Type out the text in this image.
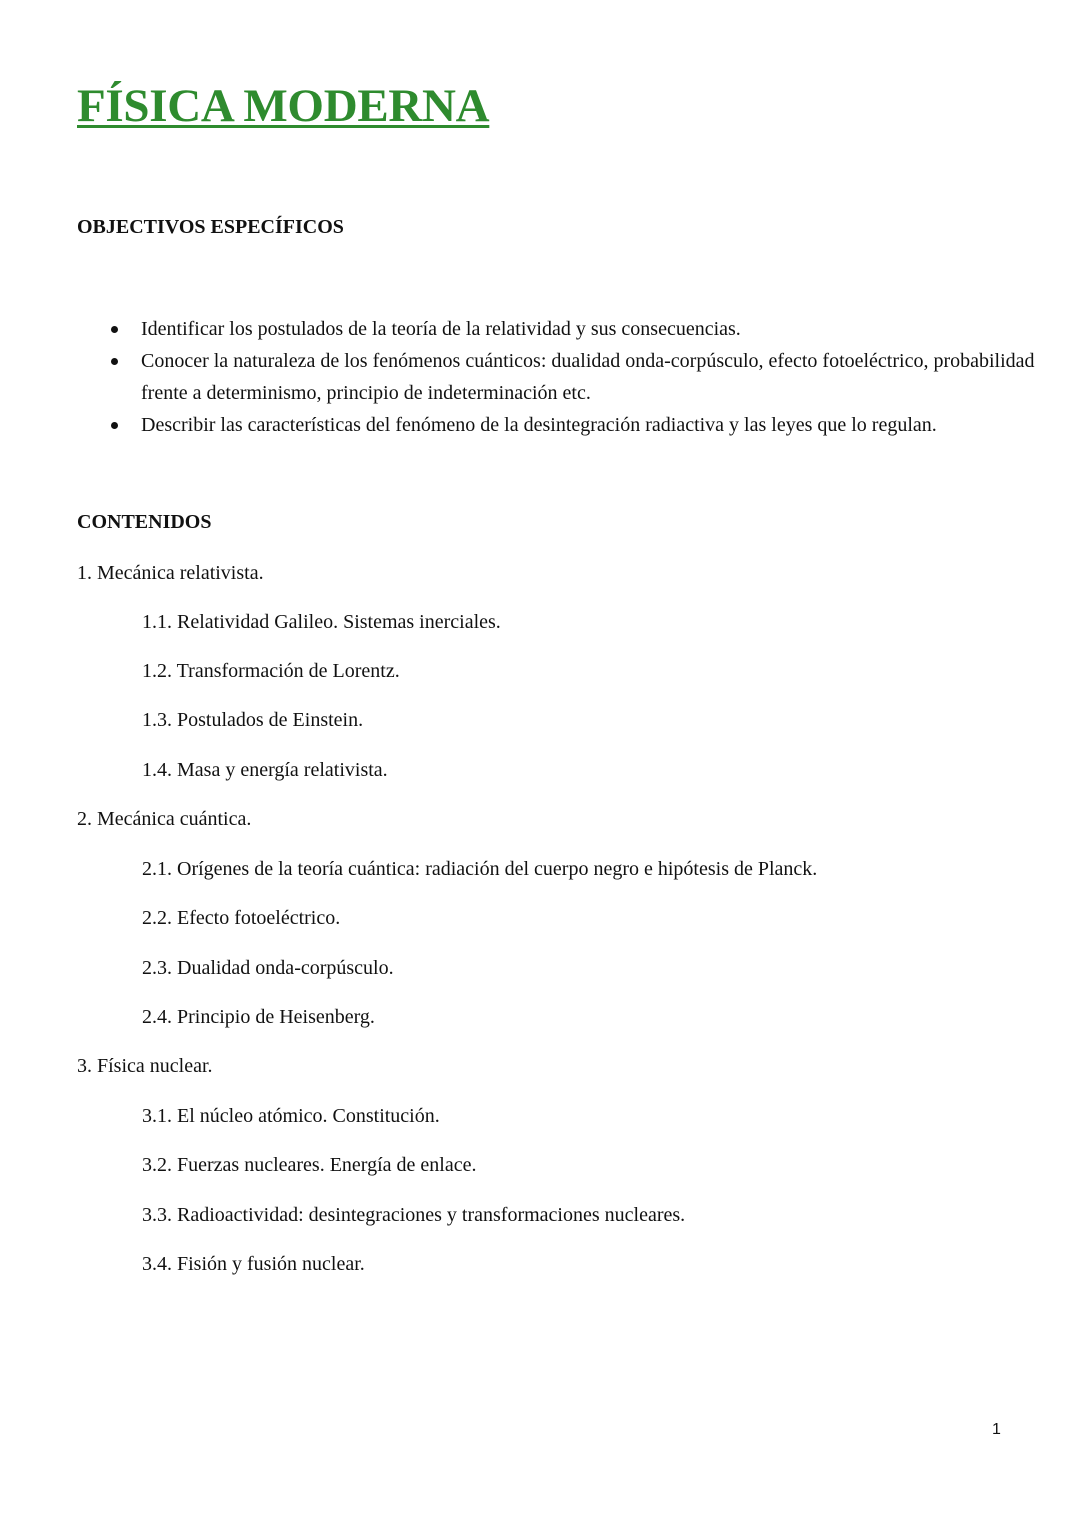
FÍSICA MODERNA
OBJECTIVOS ESPECÍFICOS
Identificar los postulados de la teoría de la relatividad y sus consecuencias.
Conocer la naturaleza de los fenómenos cuánticos: dualidad onda-corpúsculo, efecto fotoeléctrico, probabilidad frente a determinismo, principio de indeterminación etc.
Describir las características del fenómeno de la desintegración radiactiva y las leyes que lo regulan.
CONTENIDOS

1. Mecánica relativista.

1.1. Relatividad Galileo. Sistemas inerciales.

1.2. Transformación de Lorentz.

1.3. Postulados de Einstein.

1.4. Masa y energía relativista.

2. Mecánica cuántica.

2.1. Orígenes de la teoría cuántica: radiación del cuerpo negro e hipótesis de Planck.

2.2. Efecto fotoeléctrico.

2.3. Dualidad onda-corpúsculo.

2.4. Principio de Heisenberg.

3. Física nuclear.

3.1. El núcleo atómico. Constitución.

3.2. Fuerzas nucleares. Energía de enlace.

3.3. Radioactividad: desintegraciones y transformaciones nucleares.

3.4. Fisión y fusión nuclear.

1
